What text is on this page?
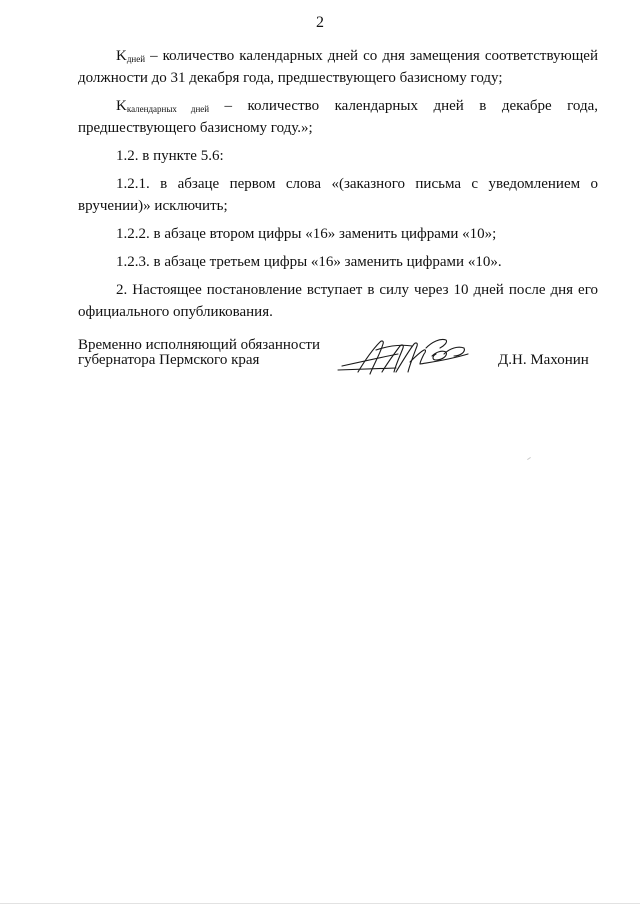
2

$K_{дней}$ – количество календарных дней со дня замещения соответствующей должности до 31 декабря года, предшествующего базисному году;

$K_{календарных дней}$ – количество календарных дней в декабре года, предшествующего базисному году.»;

1.2. в пункте 5.6:

1.2.1. в абзаце первом слова «(заказного письма с уведомлением о вручении)» исключить;

1.2.2. в абзаце втором цифры «16» заменить цифрами «10»;

1.2.3. в абзаце третьем цифры «16» заменить цифрами «10».

2. Настоящее постановление вступает в силу через 10 дней после дня его официального опубликования.

Временно исполняющий обязанности
губернатора Пермского края	Д.Н. Махонин
